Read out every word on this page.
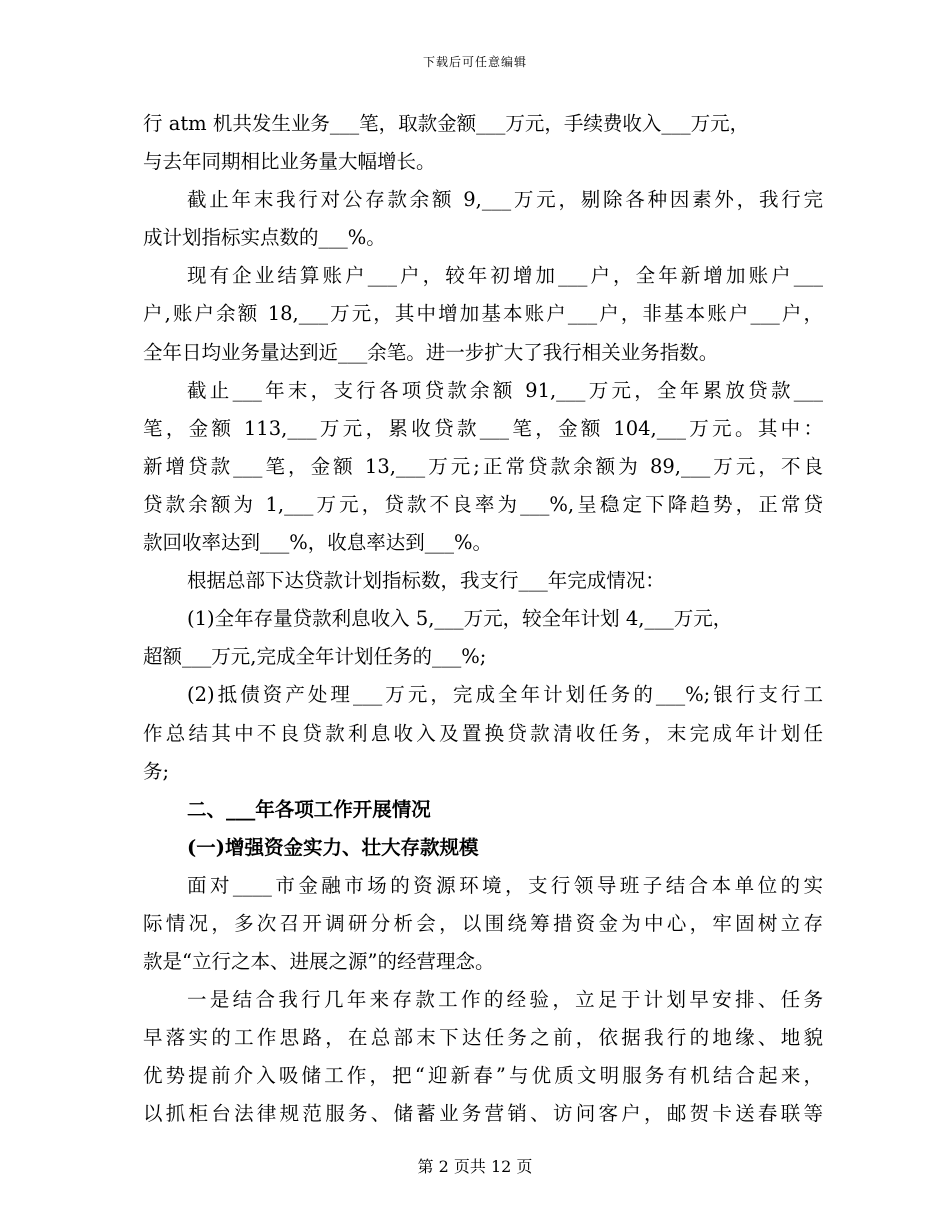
下载后可任意编辑
行 atm 机共发生业务___笔，取款金额___万元，手续费收入___万元，
与去年同期相比业务量大幅增长。
截止年末我行对公存款余额 9,___万元，剔除各种因素外，我行完
成计划指标实点数的___%。
现有企业结算账户___户，较年初增加___户，全年新增加账户___
户,账户余额 18,___万元，其中增加基本账户___户，非基本账户___户，
全年日均业务量达到近___余笔。进一步扩大了我行相关业务指数。
截止___年末，支行各项贷款余额 91,___万元，全年累放贷款___
笔，金额 113,___万元，累收贷款___笔，金额 104,___万元。其中：
新增贷款___笔，金额 13,___万元;正常贷款余额为 89,___万元，不良
贷款余额为 1,___万元，贷款不良率为___%,呈稳定下降趋势，正常贷
款回收率达到___%，收息率达到___%。
根据总部下达贷款计划指标数，我支行___年完成情况：
(1)全年存量贷款利息收入 5,___万元，较全年计划 4,___万元，
超额___万元,完成全年计划任务的___%;
(2)抵债资产处理___万元，完成全年计划任务的___%;银行支行工
作总结其中不良贷款利息收入及置换贷款清收任务，末完成年计划任
务;
二、___年各项工作开展情况
(一)增强资金实力、壮大存款规模
面对____市金融市场的资源环境，支行领导班子结合本单位的实
际情况，多次召开调研分析会，以围绕筹措资金为中心，牢固树立存
款是“立行之本、进展之源”的经营理念。
一是结合我行几年来存款工作的经验，立足于计划早安排、任务
早落实的工作思路，在总部末下达任务之前，依据我行的地缘、地貌
优势提前介入吸储工作，把“迎新春”与优质文明服务有机结合起来，
以抓柜台法律规范服务、储蓄业务营销、访问客户，邮贺卡送春联等
第 2 页共 12 页
